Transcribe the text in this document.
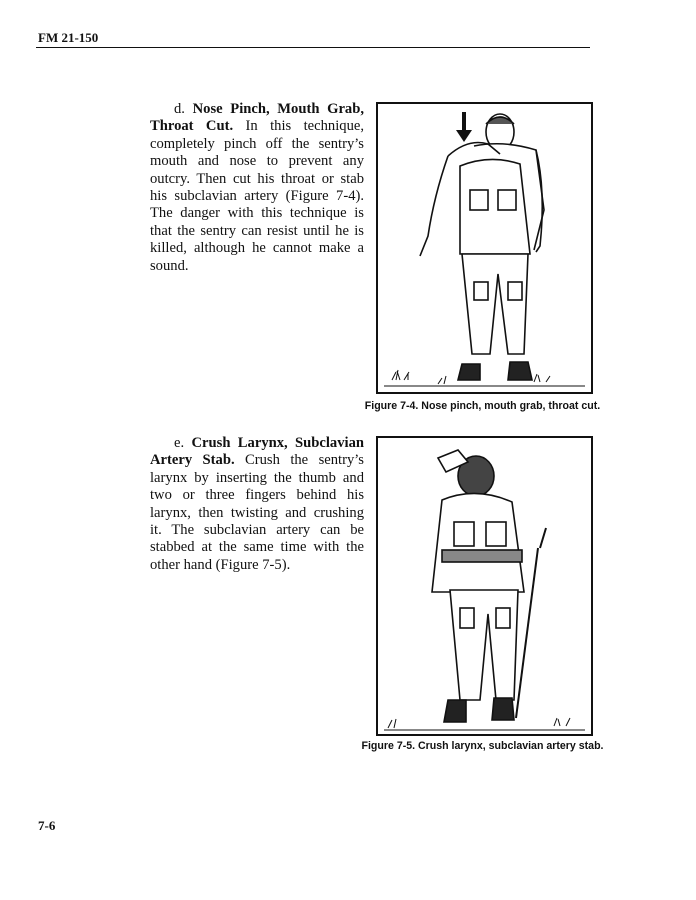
FM 21-150
d. Nose Pinch, Mouth Grab, Throat Cut. In this technique, completely pinch off the sentry’s mouth and nose to prevent any outcry. Then cut his throat or stab his subclavian artery (Figure 7-4). The danger with this technique is that the sentry can resist until he is killed, although he cannot make a sound.
Figure 7-4. Nose pinch, mouth grab, throat cut.
e. Crush Larynx, Subclavian Artery Stab. Crush the sentry’s larynx by inserting the thumb and two or three fingers behind his larynx, then twisting and crushing it. The subclavian artery can be stabbed at the same time with the other hand (Figure 7-5).
Figure 7-5. Crush larynx, subclavian artery stab.
7-6
